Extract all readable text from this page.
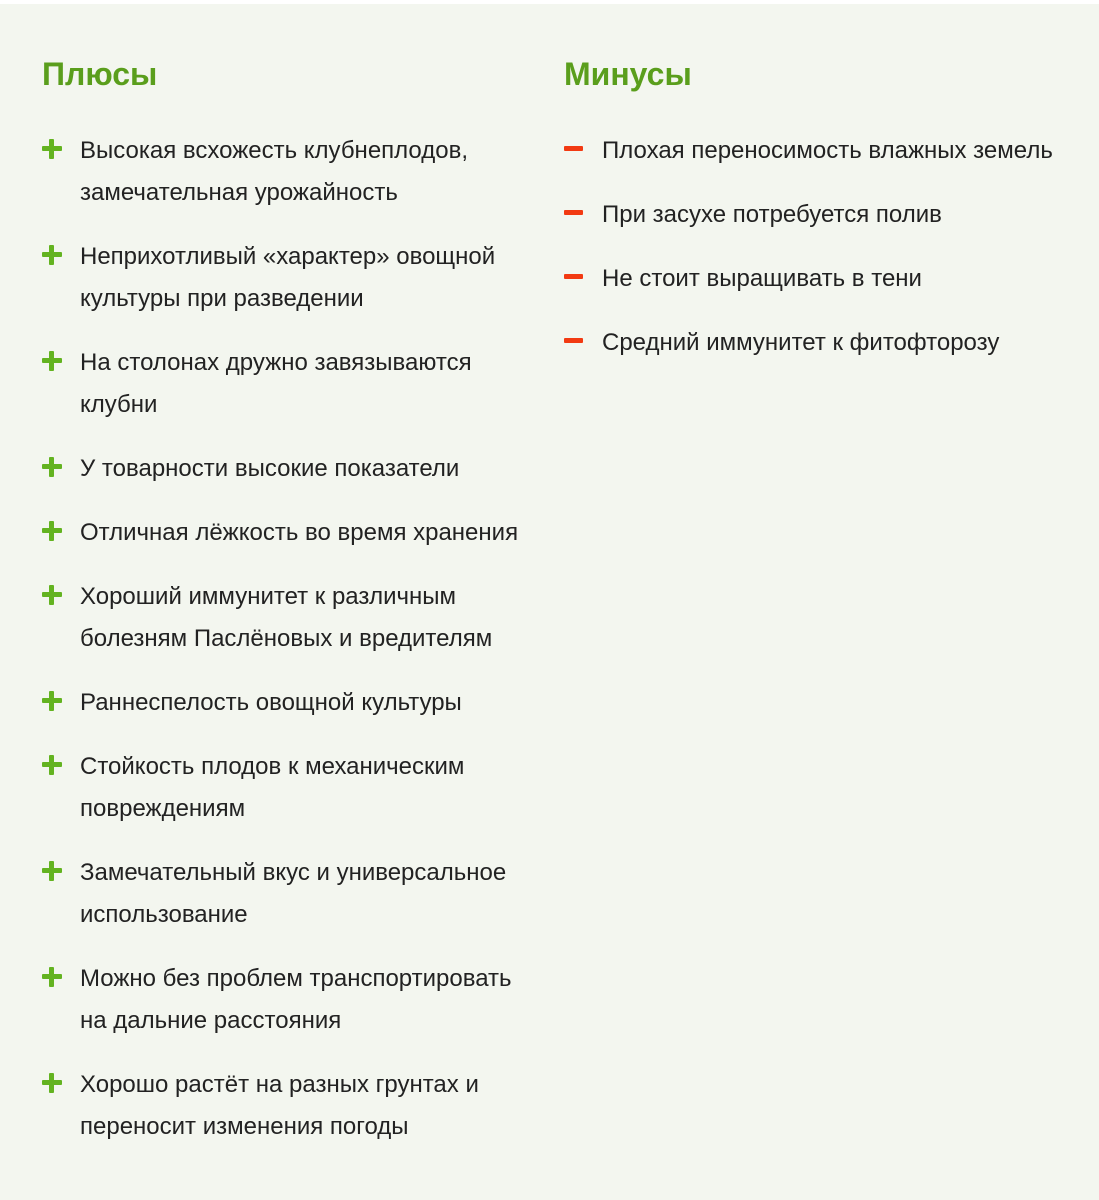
Плюсы
Высокая всхожесть клубнеплодов, замечательная урожайность
Неприхотливый «характер» овощной культуры при разведении
На столонах дружно завязываются клубни
У товарности высокие показатели
Отличная лёжкость во время хранения
Хороший иммунитет к различным болезням Паслёновых и вредителям
Раннеспелость овощной культуры
Стойкость плодов к механическим повреждениям
Замечательный вкус и универсальное использование
Можно без проблем транспортировать на дальние расстояния
Хорошо растёт на разных грунтах и переносит изменения погоды
Минусы
Плохая переносимость влажных земель
При засухе потребуется полив
Не стоит выращивать в тени
Средний иммунитет к фитофторозу
